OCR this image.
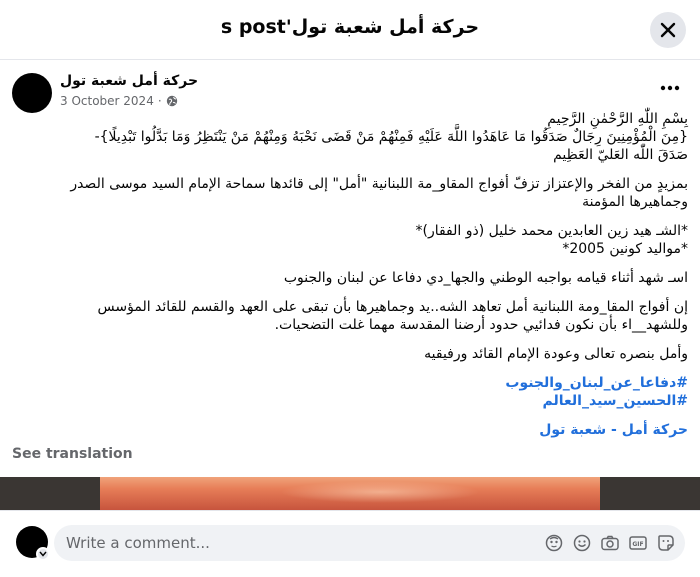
حركة أمل شعبة تول's post
حركة أمل شعبة تول
3 October 2024 ·
بِسْمِ اللّٰهِ الرَّحْمٰنِ الرَّحِيمِ
{مِنَ الْمُؤْمِنِينَ رِجَالٌ صَدَقُوا مَا عَاهَدُوا اللَّهَ عَلَيْهِ فَمِنْهُمْ مَنْ قَضَى نَحْبَهُ وَمِنْهُمْ مَنْ يَنْتَظِرُ وَمَا بَدَّلُوا تَبْدِيلًا}-
صَدَقَ اللّٰه العَليّ العَظِيم
بمزيدٍ من الفخر والإعتزاز تزفّ أفواج المقاو_مة اللبنانية "أمل" إلى قائدها سماحة الإمام السيد موسى الصدر
وجماهيرها المؤمنة
*الشـ هيد زين العابدين محمد خليل (ذو الفقار)*
*مواليد كونين 2005*
اسـ شهد أثناء قيامه بواجبه الوطني والجها_دي دفاعا عن لبنان والجنوب
إن أفواج المقا_ومة اللبنانية أمل تعاهد الشه..يد وجماهيرها بأن تبقى على العهد والقسم للقائد المؤسس
وللشهد__اء بأن نكون فدائيي حدود أرضنا المقدسة مهما غلت التضحيات.
وأمل بنصره تعالى وعودة الإمام القائد ورفيقيه
#دفاعا_عن_لبنان_والجنوب
#الحسين_سيد_العالم
حركة أمل - شعبة تول
See translation
Write a comment...
GIF
